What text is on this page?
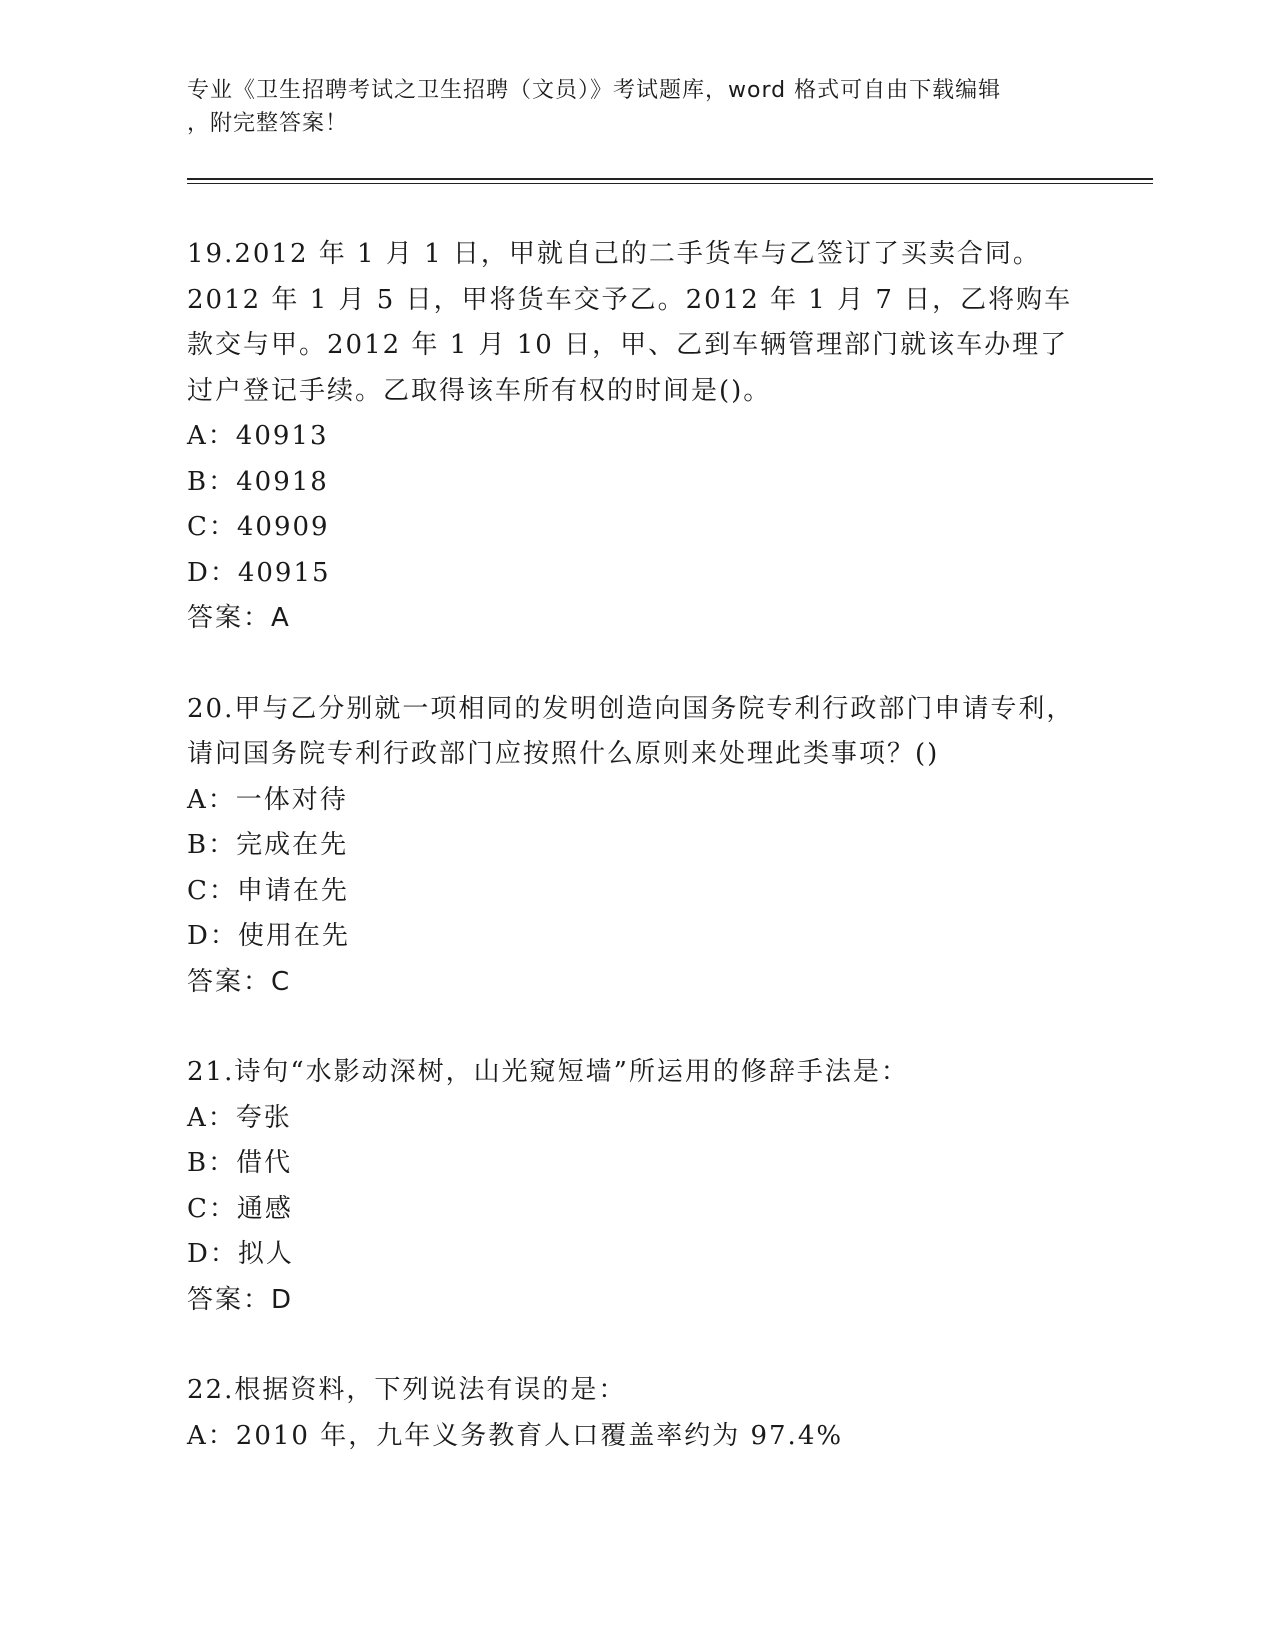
专业《卫生招聘考试之卫生招聘（文员）》考试题库，word 格式可自由下载编辑
，附完整答案！

19.2012 年 1 月 1 日，甲就自己的二手货车与乙签订了买卖合同。2012 年 1 月 5 日，甲将货车交予乙。2012 年 1 月 7 日，乙将购车款交与甲。2012 年 1 月 10 日，甲、乙到车辆管理部门就该车办理了过户登记手续。乙取得该车所有权的时间是()。

A：40913

B：40918

C：40909

D：40915

答案：A

20.甲与乙分别就一项相同的发明创造向国务院专利行政部门申请专利，请问国务院专利行政部门应按照什么原则来处理此类事项？()

A：一体对待

B：完成在先

C：申请在先

D：使用在先

答案：C

21.诗句“水影动深树，山光窥短墙”所运用的修辞手法是：

A：夸张

B：借代

C：通感

D：拟人

答案：D

22.根据资料，下列说法有误的是：

A：2010 年，九年义务教育人口覆盖率约为 97.4%
